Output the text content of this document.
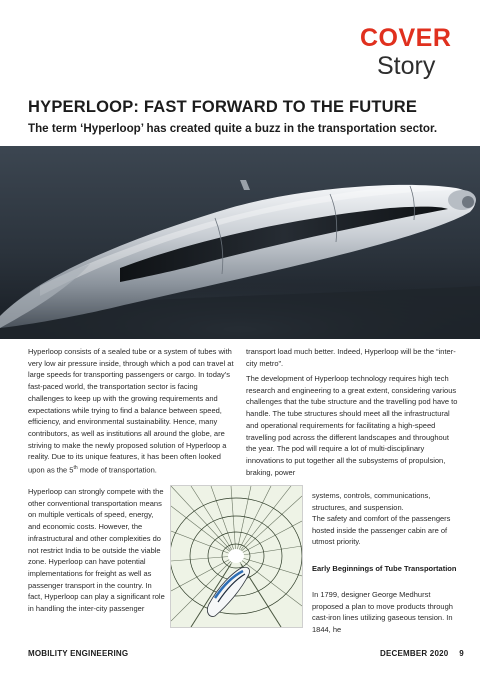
COVER
Story
HYPERLOOP: FAST FORWARD TO THE FUTURE
The term ‘Hyperloop’ has created quite a buzz in the transportation sector.
Hyperloop consists of a sealed tube or a system of tubes with very low air pressure inside, through which a pod can travel at large speeds for transporting passengers or cargo. In today’s fast-paced world, the transportation sector is facing challenges to keep up with the growing requirements and expectations while trying to find a balance between speed, efficiency, and environmental sustainability. Hence, many contributors, as well as institutions all around the globe, are striving to make the newly proposed solution of Hyperloop a reality. Due to its unique features, it has been often looked upon as the 5th mode of transportation.
Hyperloop can strongly compete with the other conventional transportation means on multiple verticals of speed, energy, and economic costs. However, the infrastructural and other complexities do not restrict India to be outside the viable zone. Hyperloop can have potential implementations for freight as well as passenger transport in the country. In fact, Hyperloop can play a significant role in handling the inter-city passenger
transport load much better. Indeed, Hyperloop will be the “inter-city metro”.
The development of Hyperloop technology requires high tech research and engineering to a great extent, considering various challenges that the tube structure and the travelling pod have to handle. The tube structures should meet all the infrastructural and operational requirements for facilitating a high-speed travelling pod across the different landscapes and throughout the year. The pod will require a lot of multi-disciplinary innovations to put together all the subsystems of propulsion, braking, power
systems, controls, communications, structures, and suspension.
The safety and comfort of the passengers hosted inside the passenger cabin are of utmost priority.
Early Beginnings of Tube Transportation
In 1799, designer George Medhurst proposed a plan to move products through cast-iron lines utilizing gaseous tension. In 1844, he
MOBILITY ENGINEERING	DECEMBER 2020 9
